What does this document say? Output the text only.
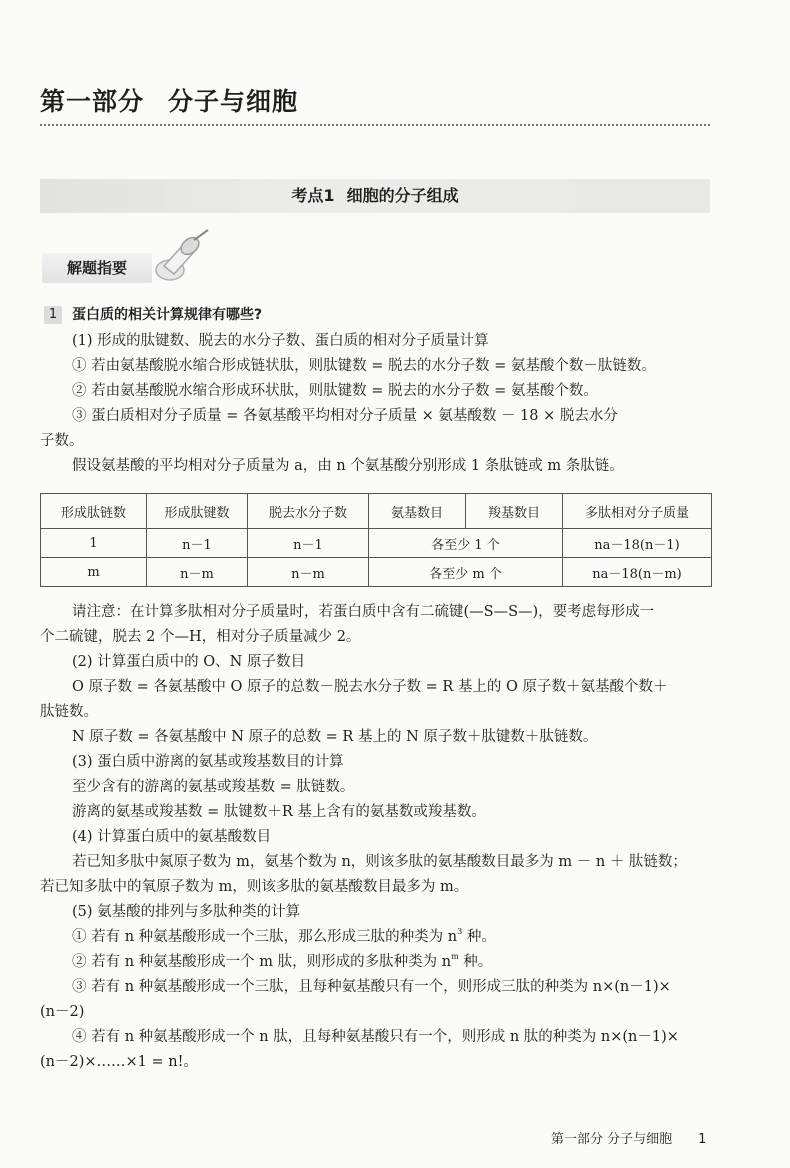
第一部分 分子与细胞
考点1 细胞的分子组成
解题指要
1	蛋白质的相关计算规律有哪些?
(1) 形成的肽键数、脱去的水分子数、蛋白质的相对分子质量计算
① 若由氨基酸脱水缩合形成链状肽，则肽键数 = 脱去的水分子数 = 氨基酸个数－肽链数。
② 若由氨基酸脱水缩合形成环状肽，则肽键数 = 脱去的水分子数 = 氨基酸个数。
③ 蛋白质相对分子质量 = 各氨基酸平均相对分子质量 × 氨基酸数 － 18 × 脱去水分
子数。
假设氨基酸的平均相对分子质量为 a，由 n 个氨基酸分别形成 1 条肽链或 m 条肽链。
形成肽链数	形成肽键数	脱去水分子数	氨基数目	羧基数目	多肽相对分子质量
1	n－1	n－1	各至少 1 个		na－18(n－1)
m	n－m	n－m	各至少 m 个		na－18(n－m)
请注意：在计算多肽相对分子质量时，若蛋白质中含有二硫键(—S—S—)，要考虑每形成一
个二硫键，脱去 2 个—H，相对分子质量减少 2。
(2) 计算蛋白质中的 O、N 原子数目
O 原子数 = 各氨基酸中 O 原子的总数－脱去水分子数 = R 基上的 O 原子数＋氨基酸个数＋
肽链数。
N 原子数 = 各氨基酸中 N 原子的总数 = R 基上的 N 原子数＋肽键数＋肽链数。
(3) 蛋白质中游离的氨基或羧基数目的计算
至少含有的游离的氨基或羧基数 = 肽链数。
游离的氨基或羧基数 = 肽键数＋R 基上含有的氨基数或羧基数。
(4) 计算蛋白质中的氨基酸数目
若已知多肽中氮原子数为 m，氨基个数为 n，则该多肽的氨基酸数目最多为 m － n ＋ 肽链数；
若已知多肽中的氧原子数为 m，则该多肽的氨基酸数目最多为 m。
(5) 氨基酸的排列与多肽种类的计算
① 若有 n 种氨基酸形成一个三肽，那么形成三肽的种类为 $n^3$ 种。
② 若有 n 种氨基酸形成一个 m 肽，则形成的多肽种类为 $n^m$ 种。
③ 若有 n 种氨基酸形成一个三肽，且每种氨基酸只有一个，则形成三肽的种类为 n×(n－1)×
(n－2)
④ 若有 n 种氨基酸形成一个 n 肽，且每种氨基酸只有一个，则形成 n 肽的种类为 n×(n－1)×
(n－2)×……×1 = n!。
第一部分 分子与细胞 1
